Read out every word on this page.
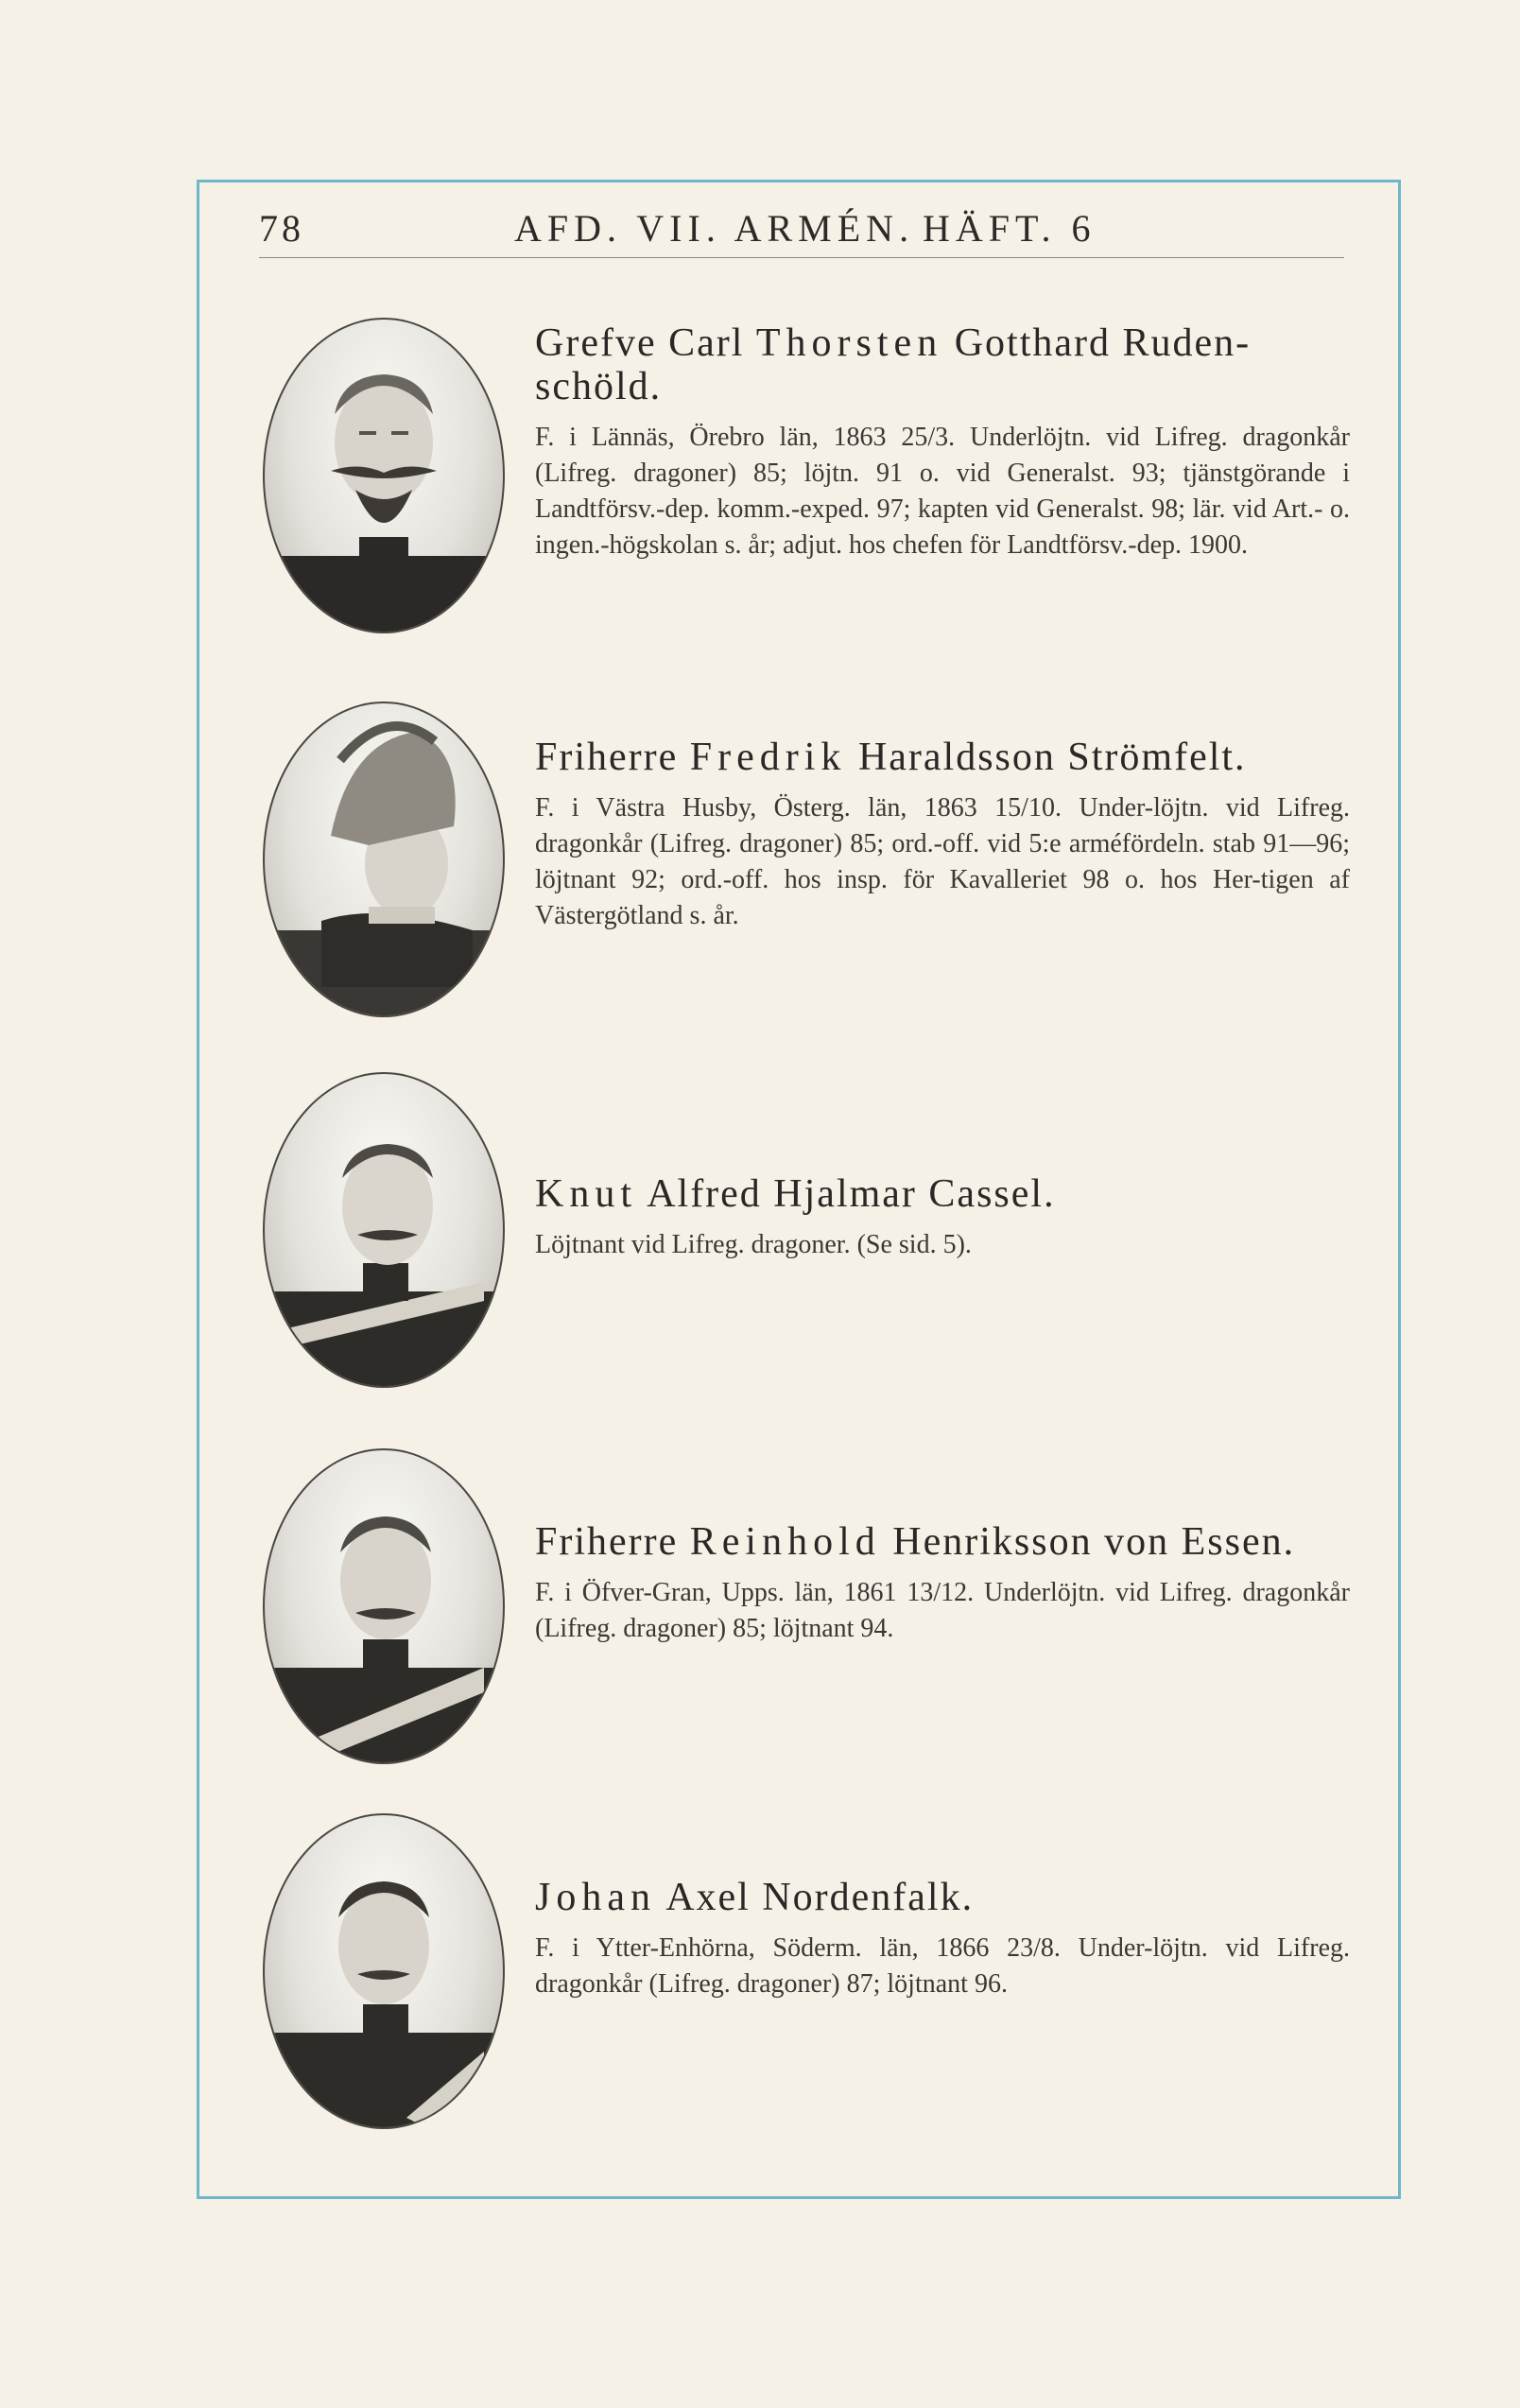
78	AFD. VII. ARMÉN. HÄFT. 6

Grefve Carl Thorsten Gotthard Ruden-schöld.

F. i Lännäs, Örebro län, 1863 25/3. Underlöjtn. vid Lifreg. dragonkår (Lifreg. dragoner) 85; löjtn. 91 o. vid Generalst. 93; tjänstgörande i Landtförsv.-dep. komm.-exped. 97; kapten vid Generalst. 98; lär. vid Art.- o. ingen.-högskolan s. år; adjut. hos chefen för Landtförsv.-dep. 1900.

Friherre Fredrik Haraldsson Strömfelt.

F. i Västra Husby, Österg. län, 1863 15/10. Under-löjtn. vid Lifreg. dragonkår (Lifreg. dragoner) 85; ord.-off. vid 5:e arméfördeln. stab 91—96; löjtnant 92; ord.-off. hos insp. för Kavalleriet 98 o. hos Her-tigen af Västergötland s. år.

Knut Alfred Hjalmar Cassel.

Löjtnant vid Lifreg. dragoner. (Se sid. 5).

Friherre Reinhold Henriksson von Essen.

F. i Öfver-Gran, Upps. län, 1861 13/12. Underlöjtn. vid Lifreg. dragonkår (Lifreg. dragoner) 85; löjtnant 94.

Johan Axel Nordenfalk.

F. i Ytter-Enhörna, Söderm. län, 1866 23/8. Under-löjtn. vid Lifreg. dragonkår (Lifreg. dragoner) 87; löjtnant 96.
